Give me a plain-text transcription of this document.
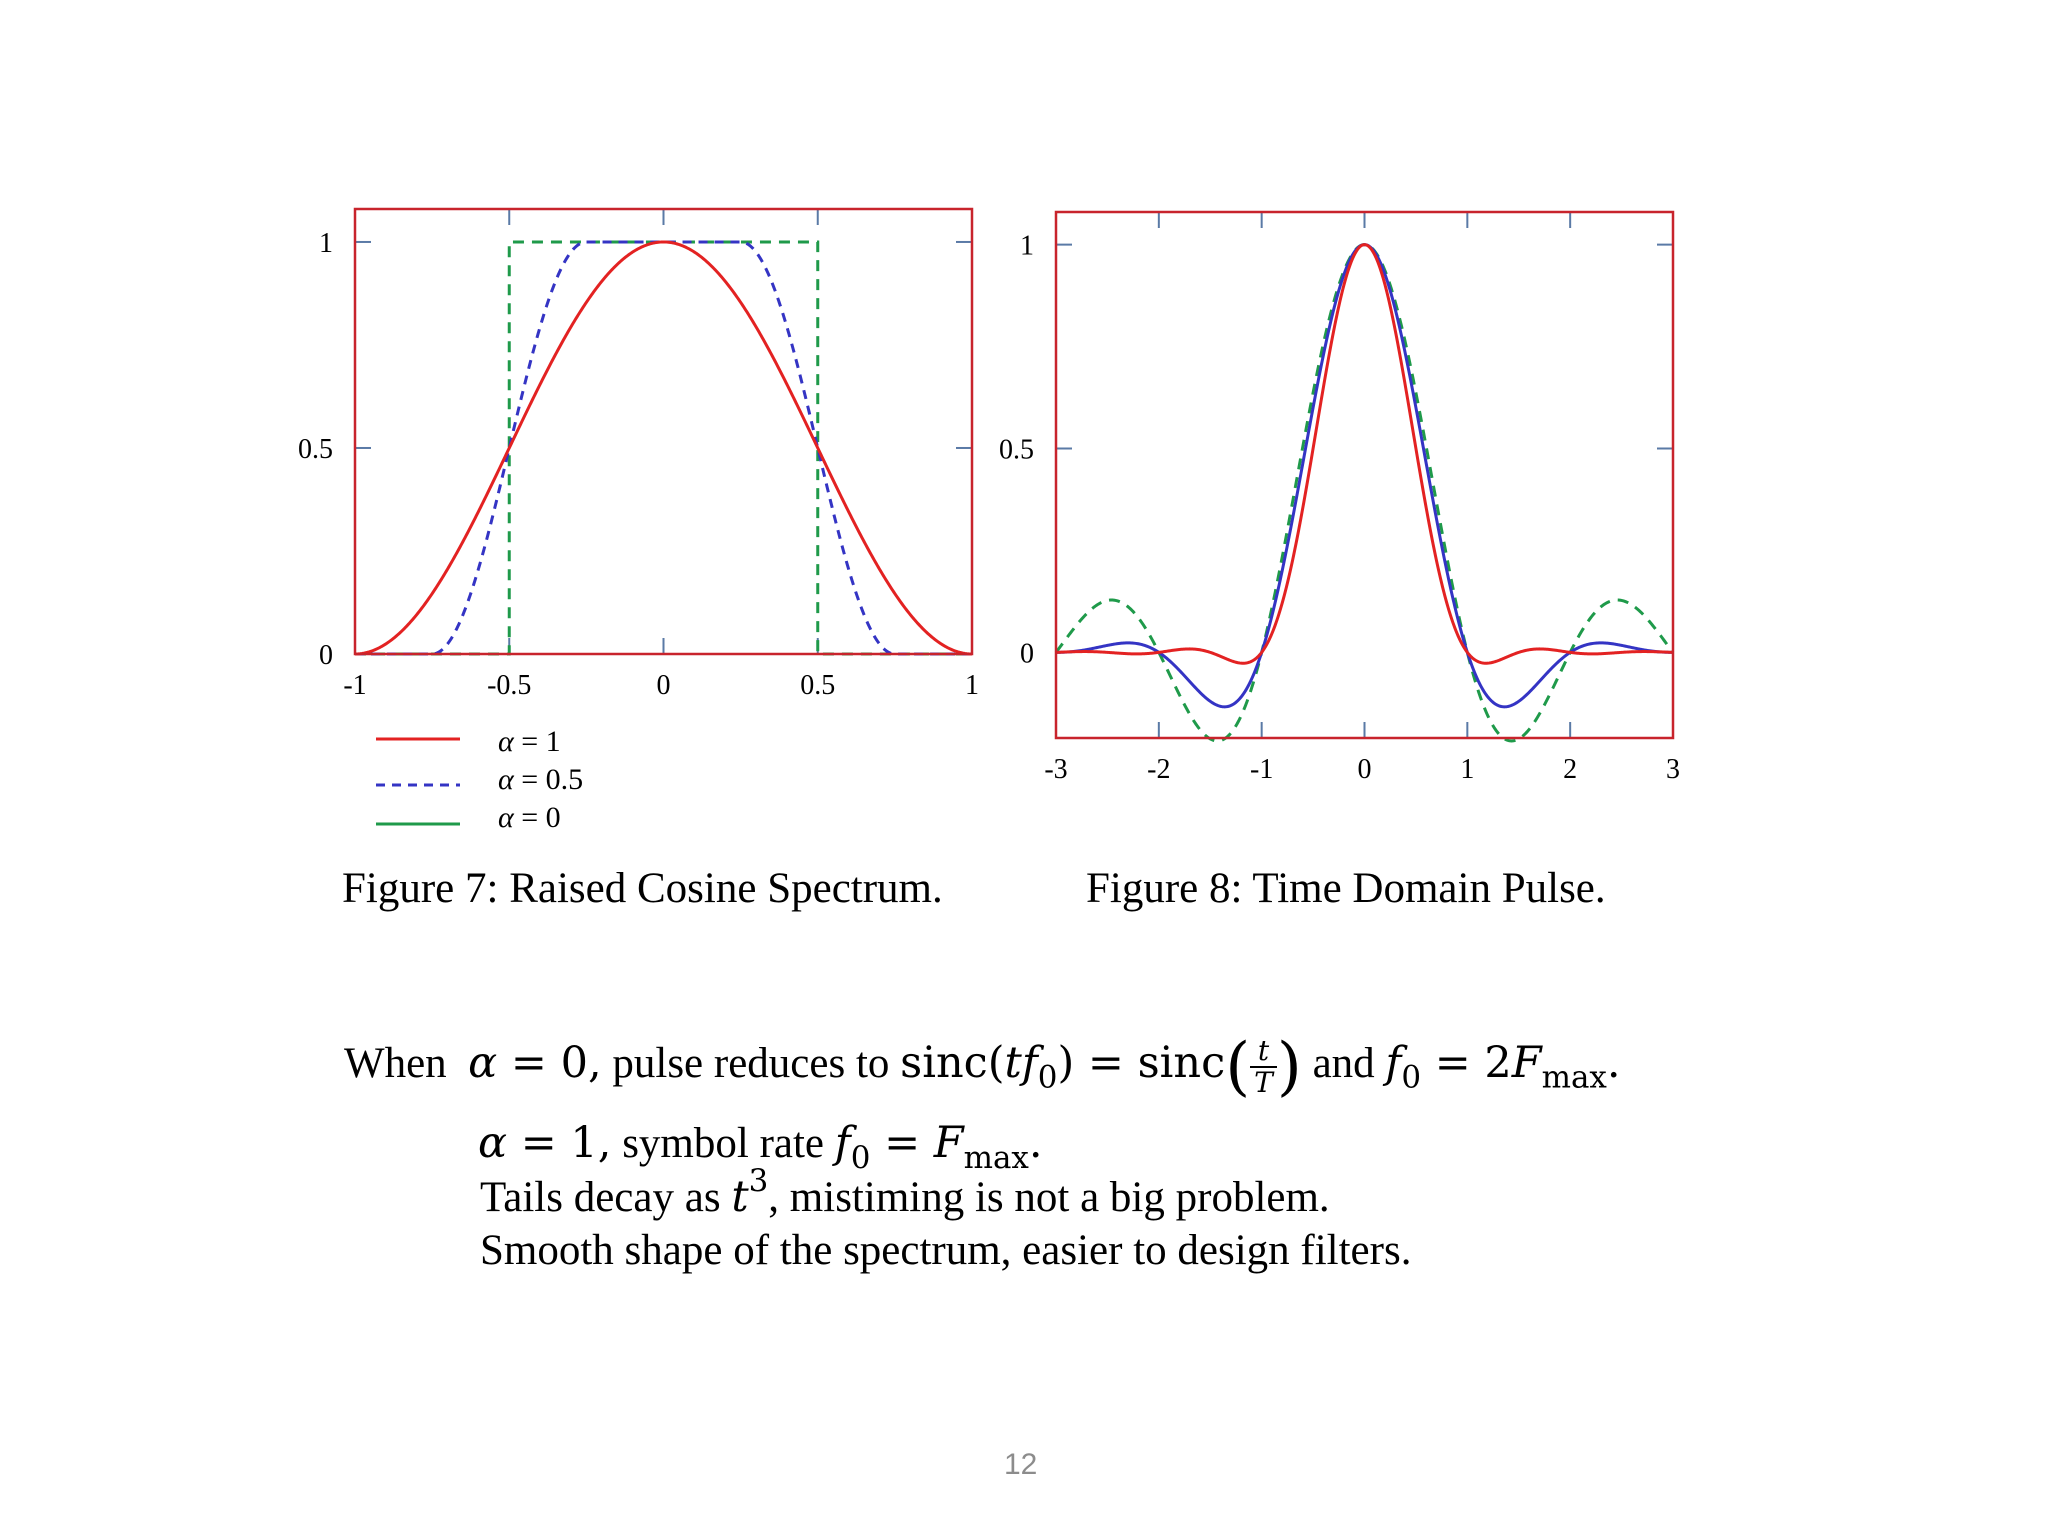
0
0.5
1
-1	-0.5	0	0.5	1
0
0.5
1
-3	-2	-1	0	1	2	3
α = 1
α = 0.5
α = 0
Figure 7: Raised Cosine Spectrum.	Figure 8: Time Domain Pulse.
When α = 0, pulse reduces to $\sin c(tf_0) = \sin c( \frac{t}{T}$ ) and $f_0 = 2F_{max}$.
α = 1, symbol rate $f_0 = F_{max}$.
Tails decay as $t^3$, mistiming is not a big problem.
Smooth shape of the spectrum, easier to design filters.
12
